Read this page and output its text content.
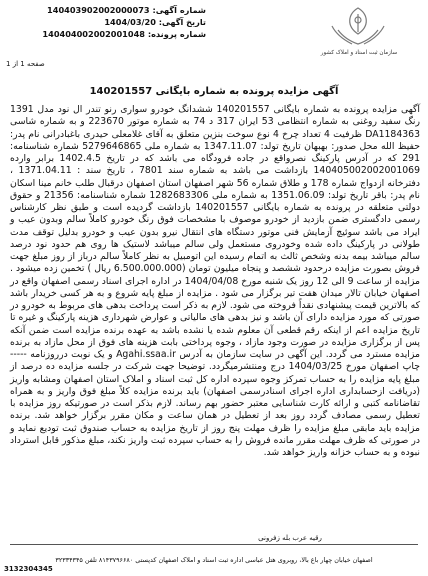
شماره آگهی: 140403902002000073
تاریخ آگهی: 1404/03/20
شماره پرونده: 140404002002001048
سازمان ثبت اسناد و املاک کشور
صفحه 1 از 1
آگهی مزایده پرونده به شماره بایگانی 140201557

آگهی مزایده پرونده به شماره بایگانی 140201557 ششدانگ خودرو سواری رنو تندر ال نود مدل 1391 رنگ سفید روغنی به شماره انتظامی 53 ایران 317 د 74 به شماره موتور 223670 و به شماره شاسی DA1184363 ظرفیت 4 تعداد چرخ 4 نوع سوخت بنزین متعلق به آقای غلامعلی حیدری باغبادرانی نام پدر: حفیظ الله محل صدور: بهبهان تاریخ تولد: 1347.11.07 به شماره ملی 5279646865 شماره شناسنامه: 291 که در آدرس پارکینگ نصرواقع در جاده فرودگاه می باشد که در تاریخ 1402.4.5 برابر وارده 140405002002001069 بازداشت می باشد به شماره سند 7801 ، تاریخ سند : 1371.04.11 ، دفترخانه ازدواج شماره 178 و طلاق شماره 56 شهر اصفهان استان اصفهان درقبال طلب خانم مینا اسکان نام پدر: باقر تاریخ تولد: 1351.06.09 به شماره ملی 1282683306 شماره شناسنامه: 21356 و حقوق دولتی متعلقه در پرونده به شماره بایگانی 140201557 بازداشت گردیده است و طبق نظر کارشناس رسمی دادگستری ضمن بازدید از خودرو موصوف با مشخصات فوق رنگ خودرو کاملاً سالم وبدون عیب و ایراد می باشد سوئیچ آزمایش فنی موتور دستگاه های انتقال نیرو بدون عیب و خودرو بدلیل توقف مدت طولانی در پارکینگ داده شده وخودروی مستعمل ولی سالم میباشد لاستیک ها روی هم حدود نود درصد سالم میباشد بیمه بدنه وشخص ثالث به اتمام رسیده این اتومبیل به نظر کاملاً سالم درباز از روز مبلغ جهت فروش بصورت مزایده درحدود ششصد و پنجاه میلیون تومان (6.500.000.000 ریال ) تخمین زده میشود . مزایده از ساعت 9 الی 12 روز یک شنبه مورخ 1404/04/08 در اداره اجرای اسناد رسمی اصفهان واقع در اصفهان خیابان تالار میدان هفت تیر برگزار می شود . مزایده از مبلغ پایه شروع و به هر کسی خریدار باشد که بالاترین قیمت پیشنهادی نقداً فروخته می شود. لازم به ذکر است پرداخت بدهی های مربوط به خودرو در صورتی که مورد مزایده دارای آن باشد و نیز بدهی های مالیاتی و عوارض شهرداری هزینه پارکینگ و غیره تا تاریخ مزایده اعم از اینکه رقم قطعی آن معلوم شده یا نشده باشد به عهده برنده مزایده است ضمن آنکه پس از برگزاری مزایده در صورت وجود مازاد ، وجوه پرداختی بابت هزینه های فوق از محل مازاد به برنده مزایده مسترد می گردد. این آگهی در سایت سازمان به آدرس Agahi.ssaa.ir و یک نوبت درروزنامه ----- چاپ اصفهان مورخ 1404/03/25 درج ومنتشرمیگردد. توضیحا جهت شرکت در جلسه مزایده ده درصد از مبلغ پایه مزایده را به حساب تمرکز وجوه سپرده اداره کل ثبت اسناد و املاک استان اصفهان ومشابه واریز (دریافت ازحسابداری اداره اجرای اسنادرسمی اصفهان) باید برنده مزایده کلاً مبلغ فوق واریز و به همراه تقاضانامه کتبی و ارائه کارت شناسایی معتبر حضور بهم رساند. لازم بذکر است در صورتیکه روز مزایده با تعطیل رسمی مصادف گردد روز بعد از تعطیل در همان ساعت و مکان مقرر برگزار خواهد شد. برنده مزایده باید مابقی مبلغ مزایده را ظرف مهلت پنج روز از تاریخ مزایده به حساب صندوق ثبت تودیع نماید و در صورتی که ظرف مهلت مقرر مانده فروش را به حساب سپرده ثبت واریز نکند، مبلغ مذکور قابل استرداد نبوده و به حساب خزانه واریز خواهد شد.

رقیه عرب بله زفرونی
اصفهان خیابان چهار باغ بالا، روبروی هتل عباسی اداره ثبت اسناد و املاک اصفهان کدپستی ۸۱۴۳۷۹۶۶۸۰ تلفن ۳۲۳۳۴۳۴۵
3132304345
